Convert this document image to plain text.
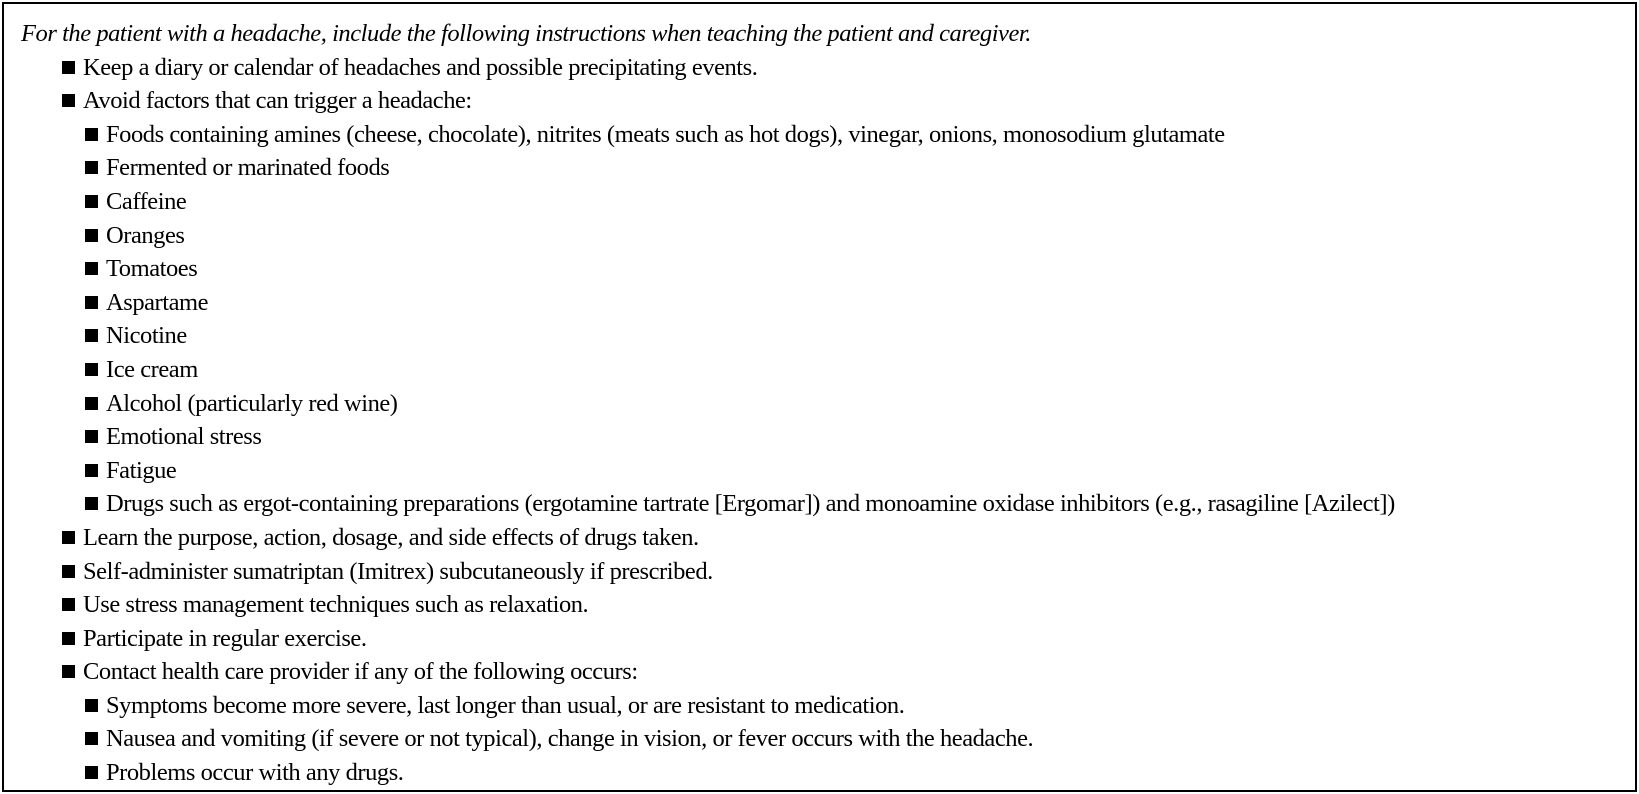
For the patient with a headache, include the following instructions when teaching the patient and caregiver.

Keep a diary or calendar of headaches and possible precipitating events.
Avoid factors that can trigger a headache:
Foods containing amines (cheese, chocolate), nitrites (meats such as hot dogs), vinegar, onions, monosodium glutamate
Fermented or marinated foods
Caffeine
Oranges
Tomatoes
Aspartame
Nicotine
Ice cream
Alcohol (particularly red wine)
Emotional stress
Fatigue
Drugs such as ergot-containing preparations (ergotamine tartrate [Ergomar]) and monoamine oxidase inhibitors (e.g., rasagiline [Azilect])
Learn the purpose, action, dosage, and side effects of drugs taken.
Self-administer sumatriptan (Imitrex) subcutaneously if prescribed.
Use stress management techniques such as relaxation.
Participate in regular exercise.
Contact health care provider if any of the following occurs:
Symptoms become more severe, last longer than usual, or are resistant to medication.
Nausea and vomiting (if severe or not typical), change in vision, or fever occurs with the headache.
Problems occur with any drugs.
